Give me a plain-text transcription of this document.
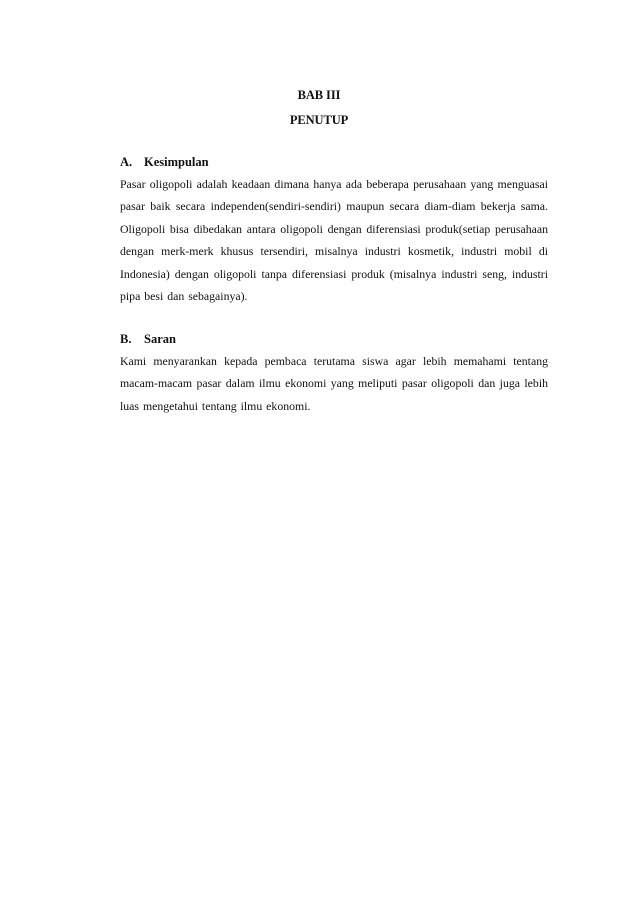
BAB III
PENUTUP
A. Kesimpulan
Pasar oligopoli adalah keadaan dimana hanya ada beberapa perusahaan yang menguasai pasar baik secara independen(sendiri-sendiri) maupun secara diam-diam bekerja sama. Oligopoli bisa dibedakan antara oligopoli dengan diferensiasi produk(setiap perusahaan dengan merk-merk khusus tersendiri, misalnya industri kosmetik, industri mobil di Indonesia) dengan oligopoli tanpa diferensiasi produk (misalnya industri seng, industri pipa besi dan sebagainya).
B. Saran
Kami menyarankan kepada pembaca terutama siswa agar lebih memahami tentang macam-macam pasar dalam ilmu ekonomi yang meliputi pasar oligopoli dan juga lebih luas mengetahui tentang ilmu ekonomi.
